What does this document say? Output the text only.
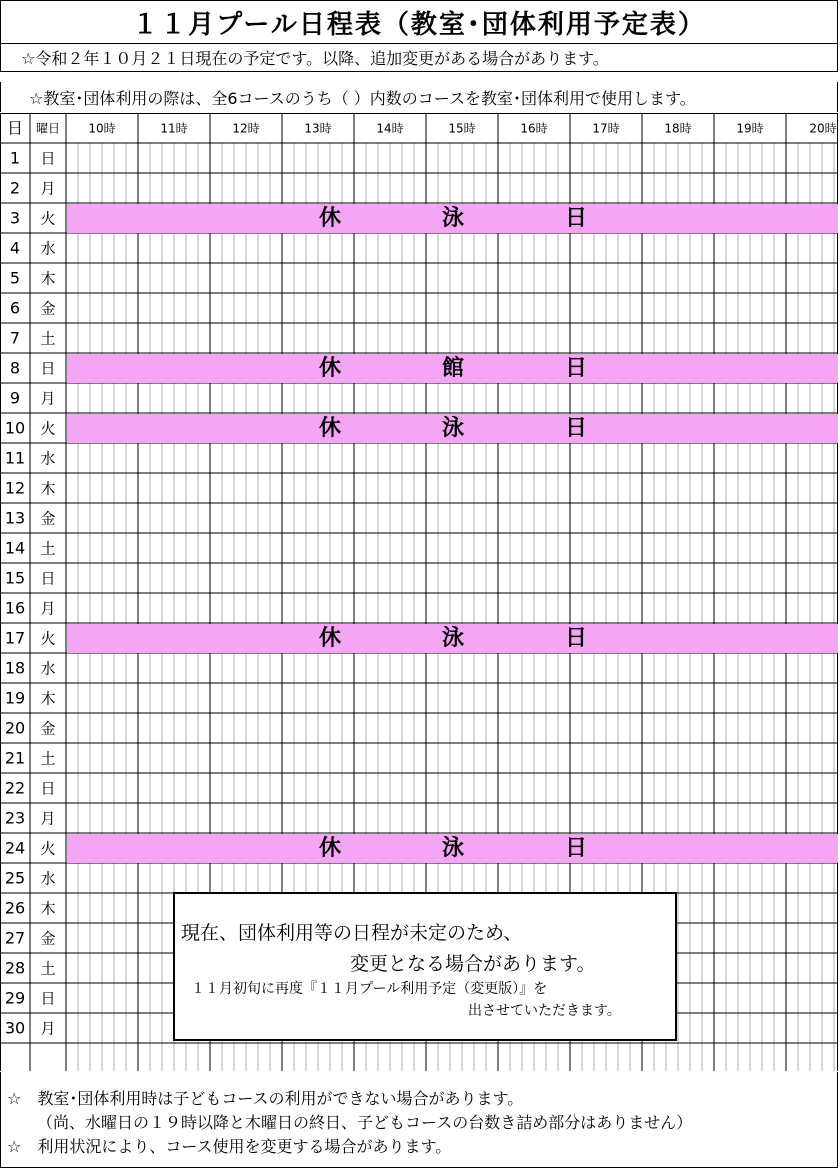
１１月プール日程表（教室･団体利用予定表）
☆令和２年１０月２１日現在の予定です。以降、追加変更がある場合があります。
☆教室･団体利用の際は、全6コースのうち（ ）内数のコースを教室･団体利用で使用します。
日 曜日 10時	11時	12時	13時	14時	15時	16時	17時	18時	19時	20時
1 日
2 月
3 火	休	泳	日
4 水
5 木
6 金
7 土
8 日	休	館	日
9 月
10 火	休	泳	日
11 水
12 木
13 金
14 土
15 日
16 月
17 火	休	泳	日
18 水
19 木
20 金
21 土
22 日
23 月
24 火	休	泳	日
25 水
26 木
27 金
28 土
29 日
30 月
現在、団体利用等の日程が未定のため、
変更となる場合があります。
１１月初旬に再度『１１月プール利用予定（変更版）』を
出させていただきます。
☆　教室･団体利用時は子どもコースの利用ができない場合があります。
（尚、水曜日の１９時以降と木曜日の終日、子どもコースの台数き詰め部分はありません）
☆　利用状況により、コース使用を変更する場合があります。
